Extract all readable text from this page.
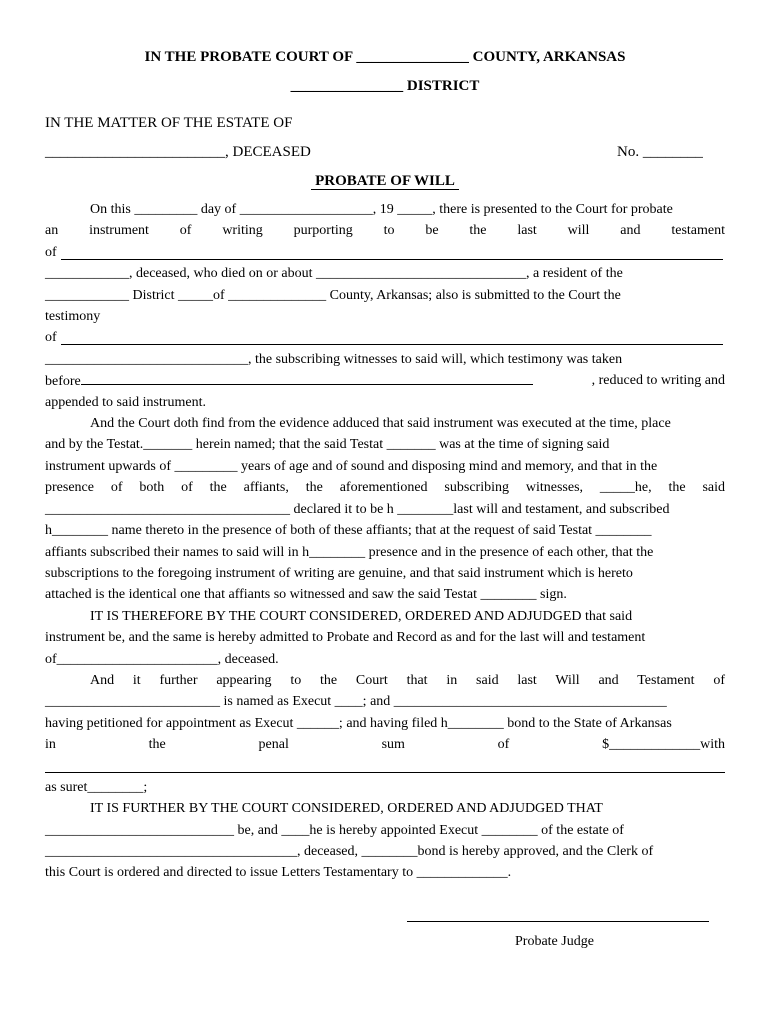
IN THE PROBATE COURT OF _______________ COUNTY, ARKANSAS
_______________ DISTRICT
IN THE MATTER OF THE ESTATE OF
________________________, DECEASED	No. ________
PROBATE OF WILL
On this _________ day of ___________________, 19 _____, there is presented to the Court for probate
an instrument of writing purporting to be the last will and testament
of
____________, deceased, who died on or about ______________________________, a resident of the
____________ District _____of ______________ County, Arkansas; also is submitted to the Court the
testimony
of
_____________________________, the subscribing witnesses to said will, which testimony was taken
before	, reduced to writing and
appended to said instrument.
And the Court doth find from the evidence adduced that said instrument was executed at the time, place
and by the Testat._______ herein named; that the said Testat _______ was at the time of signing said
instrument upwards of _________ years of age and of sound and disposing mind and memory, and that in the
presence of both of the affiants, the aforementioned subscribing witnesses, _____he, the said
___________________________________ declared it to be h ________last will and testament, and subscribed
h________ name thereto in the presence of both of these affiants; that at the request of said Testat ________
affiants subscribed their names to said will in h________ presence and in the presence of each other, that the
subscriptions to the foregoing instrument of writing are genuine, and that said instrument which is hereto
attached is the identical one that affiants so witnessed and saw the said Testat ________ sign.
IT IS THEREFORE BY THE COURT CONSIDERED, ORDERED AND ADJUDGED that said
instrument be, and the same is hereby admitted to Probate and Record as and for the last will and testament
of_______________________, deceased.
And it further appearing to the Court that in said last Will and Testament of
_________________________ is named as Execut ____; and _______________________________________
having petitioned for appointment as Execut ______; and having filed h________ bond to the State of Arkansas
in the penal sum of $_____________with
as suret________;
IT IS FURTHER BY THE COURT CONSIDERED, ORDERED AND ADJUDGED THAT
___________________________ be, and ____he is hereby appointed Execut ________ of the estate of
____________________________________, deceased, ________bond is hereby approved, and the Clerk of
this Court is ordered and directed to issue Letters Testamentary to _____________.
Probate Judge
